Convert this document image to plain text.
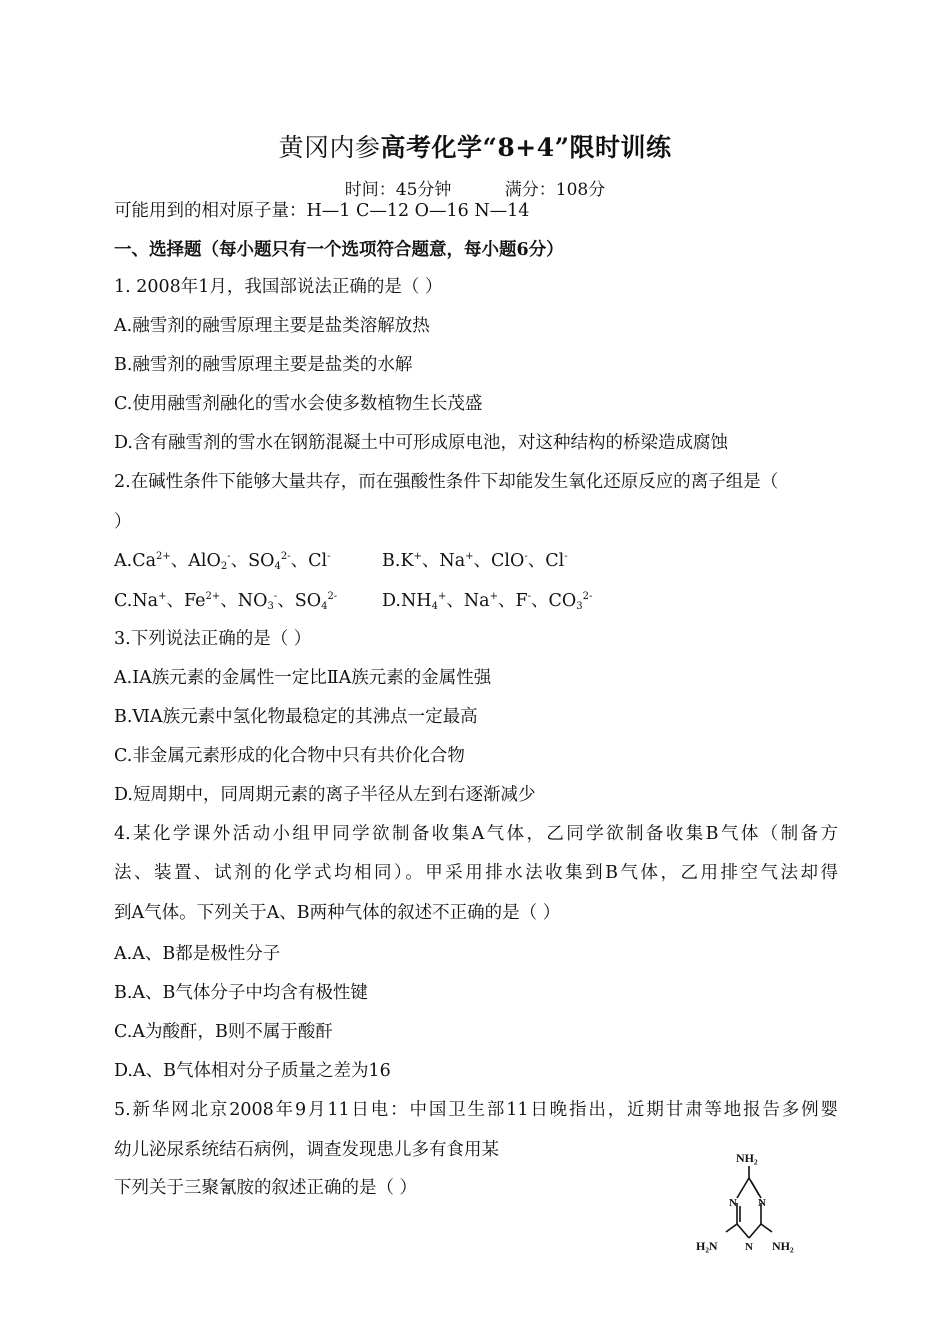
黄冈内参高考化学“8+4”限时训练
时间：45分钟	满分：108分
可能用到的相对原子量：H—1 C—12 O—16 N—14
一、选择题（每小题只有一个选项符合题意，每小题6分）
1. 2008年1月，我国部说法正确的是（ ）
A.融雪剂的融雪原理主要是盐类溶解放热
B.融雪剂的融雪原理主要是盐类的水解
C.使用融雪剂融化的雪水会使多数植物生长茂盛
D.含有融雪剂的雪水在钢筋混凝土中可形成原电池，对这种结构的桥梁造成腐蚀
2.在碱性条件下能够大量共存，而在强酸性条件下却能发生氧化还原反应的离子组是（
）
$A.Ca^{2+}$、AlO$_2$-、$SO_4^{2-}$、Cl-	B.K+、Na+、ClO-、Cl-
C.Na+、$Fe^{2+}$、$NO_3^-$、$SO_4^{2-}$	$D.NH_4^+$、Na+、F-、$CO_3^{2-}$
3.下列说法正确的是（ ）
A.ⅠA族元素的金属性一定比ⅡA族元素的金属性强
B.ⅥA族元素中氢化物最稳定的其沸点一定最高
C.非金属元素形成的化合物中只有共价化合物
D.短周期中，同周期元素的离子半径从左到右逐渐减少
4.某化学课外活动小组甲同学欲制备收集A气体，乙同学欲制备收集B气体（制备方
法、装置、试剂的化学式均相同）。甲采用排水法收集到B气体，乙用排空气法却得
到A气体。下列关于A、B两种气体的叙述不正确的是（ ）
A.A、B都是极性分子
B.A、B气体分子中均含有极性键
C.A为酸酐，B则不属于酸酐
D.A、B气体相对分子质量之差为16
5.新华网北京2008年9月11日电：中国卫生部11日晚指出，近期甘肃等地报告多例婴
幼儿泌尿系统结石病例，调查发现患儿多有食用某
下列关于三聚氰胺的叙述正确的是（ ）
NH₂
H₂N	NH₂
N N
N
